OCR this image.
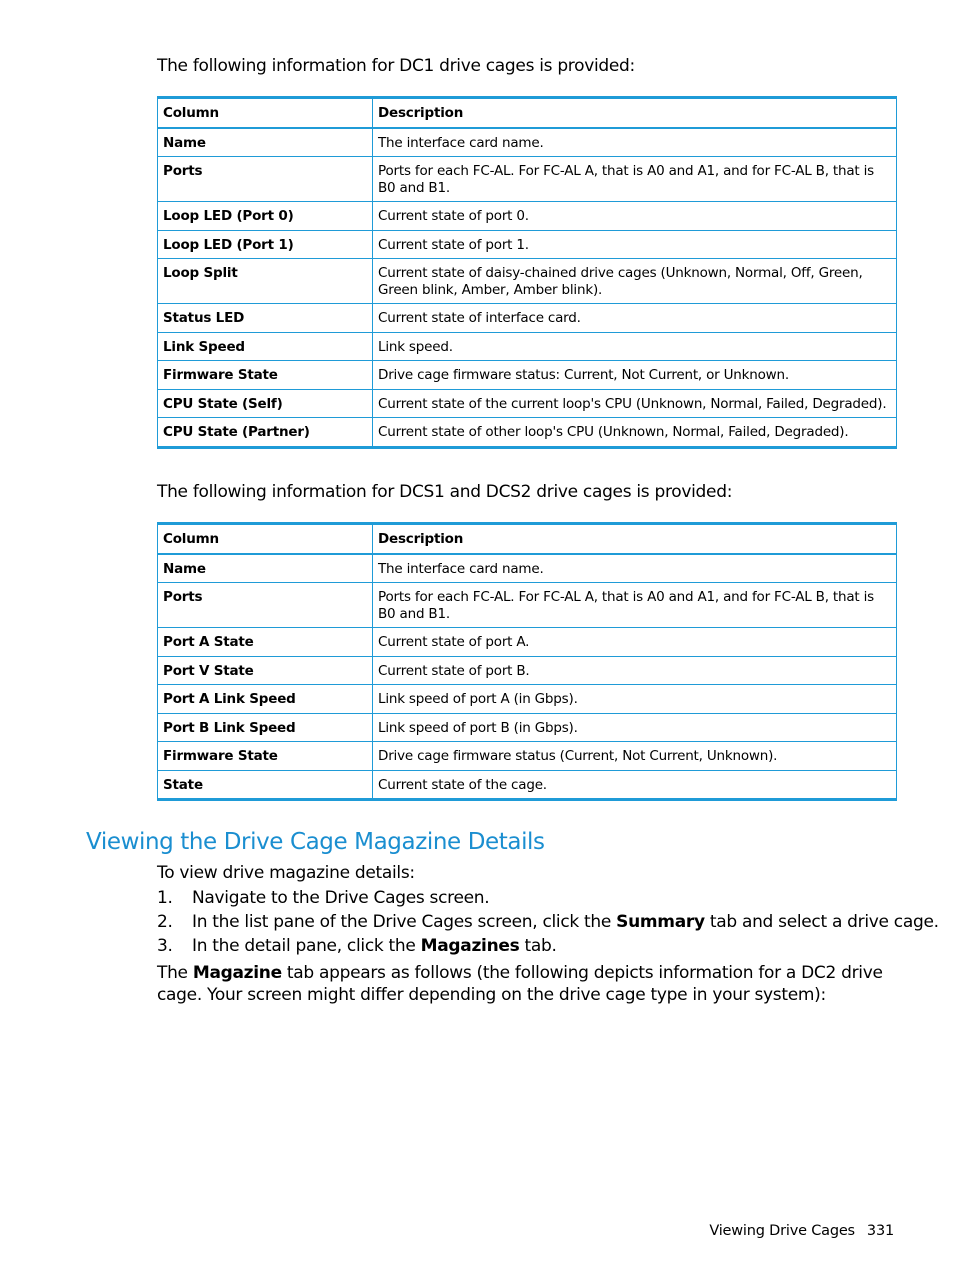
The following information for DC1 drive cages is provided:
Column	Description
Name	The interface card name.
Ports	Ports for each FC-AL. For FC-AL A, that is A0 and A1, and for FC-AL B, that is B0 and B1.
Loop LED (Port 0)	Current state of port 0.
Loop LED (Port 1)	Current state of port 1.
Loop Split	Current state of daisy-chained drive cages (Unknown, Normal, Off, Green, Green blink, Amber, Amber blink).
Status LED	Current state of interface card.
Link Speed	Link speed.
Firmware State	Drive cage firmware status: Current, Not Current, or Unknown.
CPU State (Self)	Current state of the current loop's CPU (Unknown, Normal, Failed, Degraded).
CPU State (Partner)	Current state of other loop's CPU (Unknown, Normal, Failed, Degraded).
The following information for DCS1 and DCS2 drive cages is provided:
Column	Description
Name	The interface card name.
Ports	Ports for each FC-AL. For FC-AL A, that is A0 and A1, and for FC-AL B, that is B0 and B1.
Port A State	Current state of port A.
Port V State	Current state of port B.
Port A Link Speed	Link speed of port A (in Gbps).
Port B Link Speed	Link speed of port B (in Gbps).
Firmware State	Drive cage firmware status (Current, Not Current, Unknown).
State	Current state of the cage.
Viewing the Drive Cage Magazine Details
To view drive magazine details:
1. Navigate to the Drive Cages screen.
2. In the list pane of the Drive Cages screen, click the Summary tab and select a drive cage.
3. In the detail pane, click the Magazines tab.
The Magazine tab appears as follows (the following depicts information for a DC2 drive cage. Your screen might differ depending on the drive cage type in your system):
Viewing Drive Cages 331
